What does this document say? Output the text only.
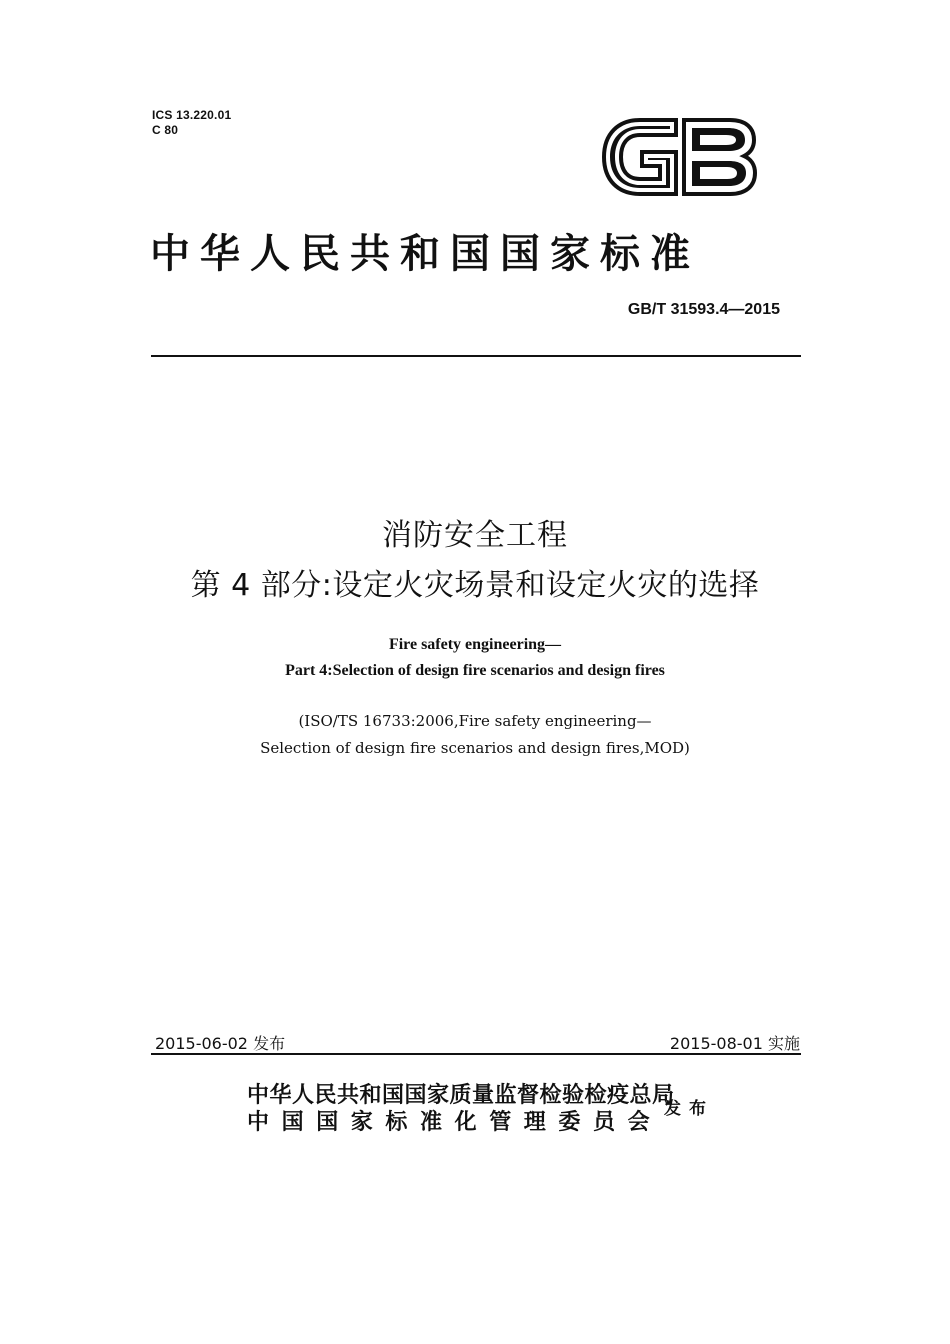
ICS 13.220.01
C 80
中华人民共和国国家标准
GB/T 31593.4—2015
消防安全工程
第 4 部分:设定火灾场景和设定火灾的选择
Fire safety engineering—
Part 4:Selection of design fire scenarios and design fires
(ISO/TS 16733:2006,Fire safety engineering—
Selection of design fire scenarios and design fires,MOD)
2015-06-02 发布	2015-08-01 实施
中华人民共和国国家质量监督检验检疫总局
中国国家标准化管理委员会
发布
